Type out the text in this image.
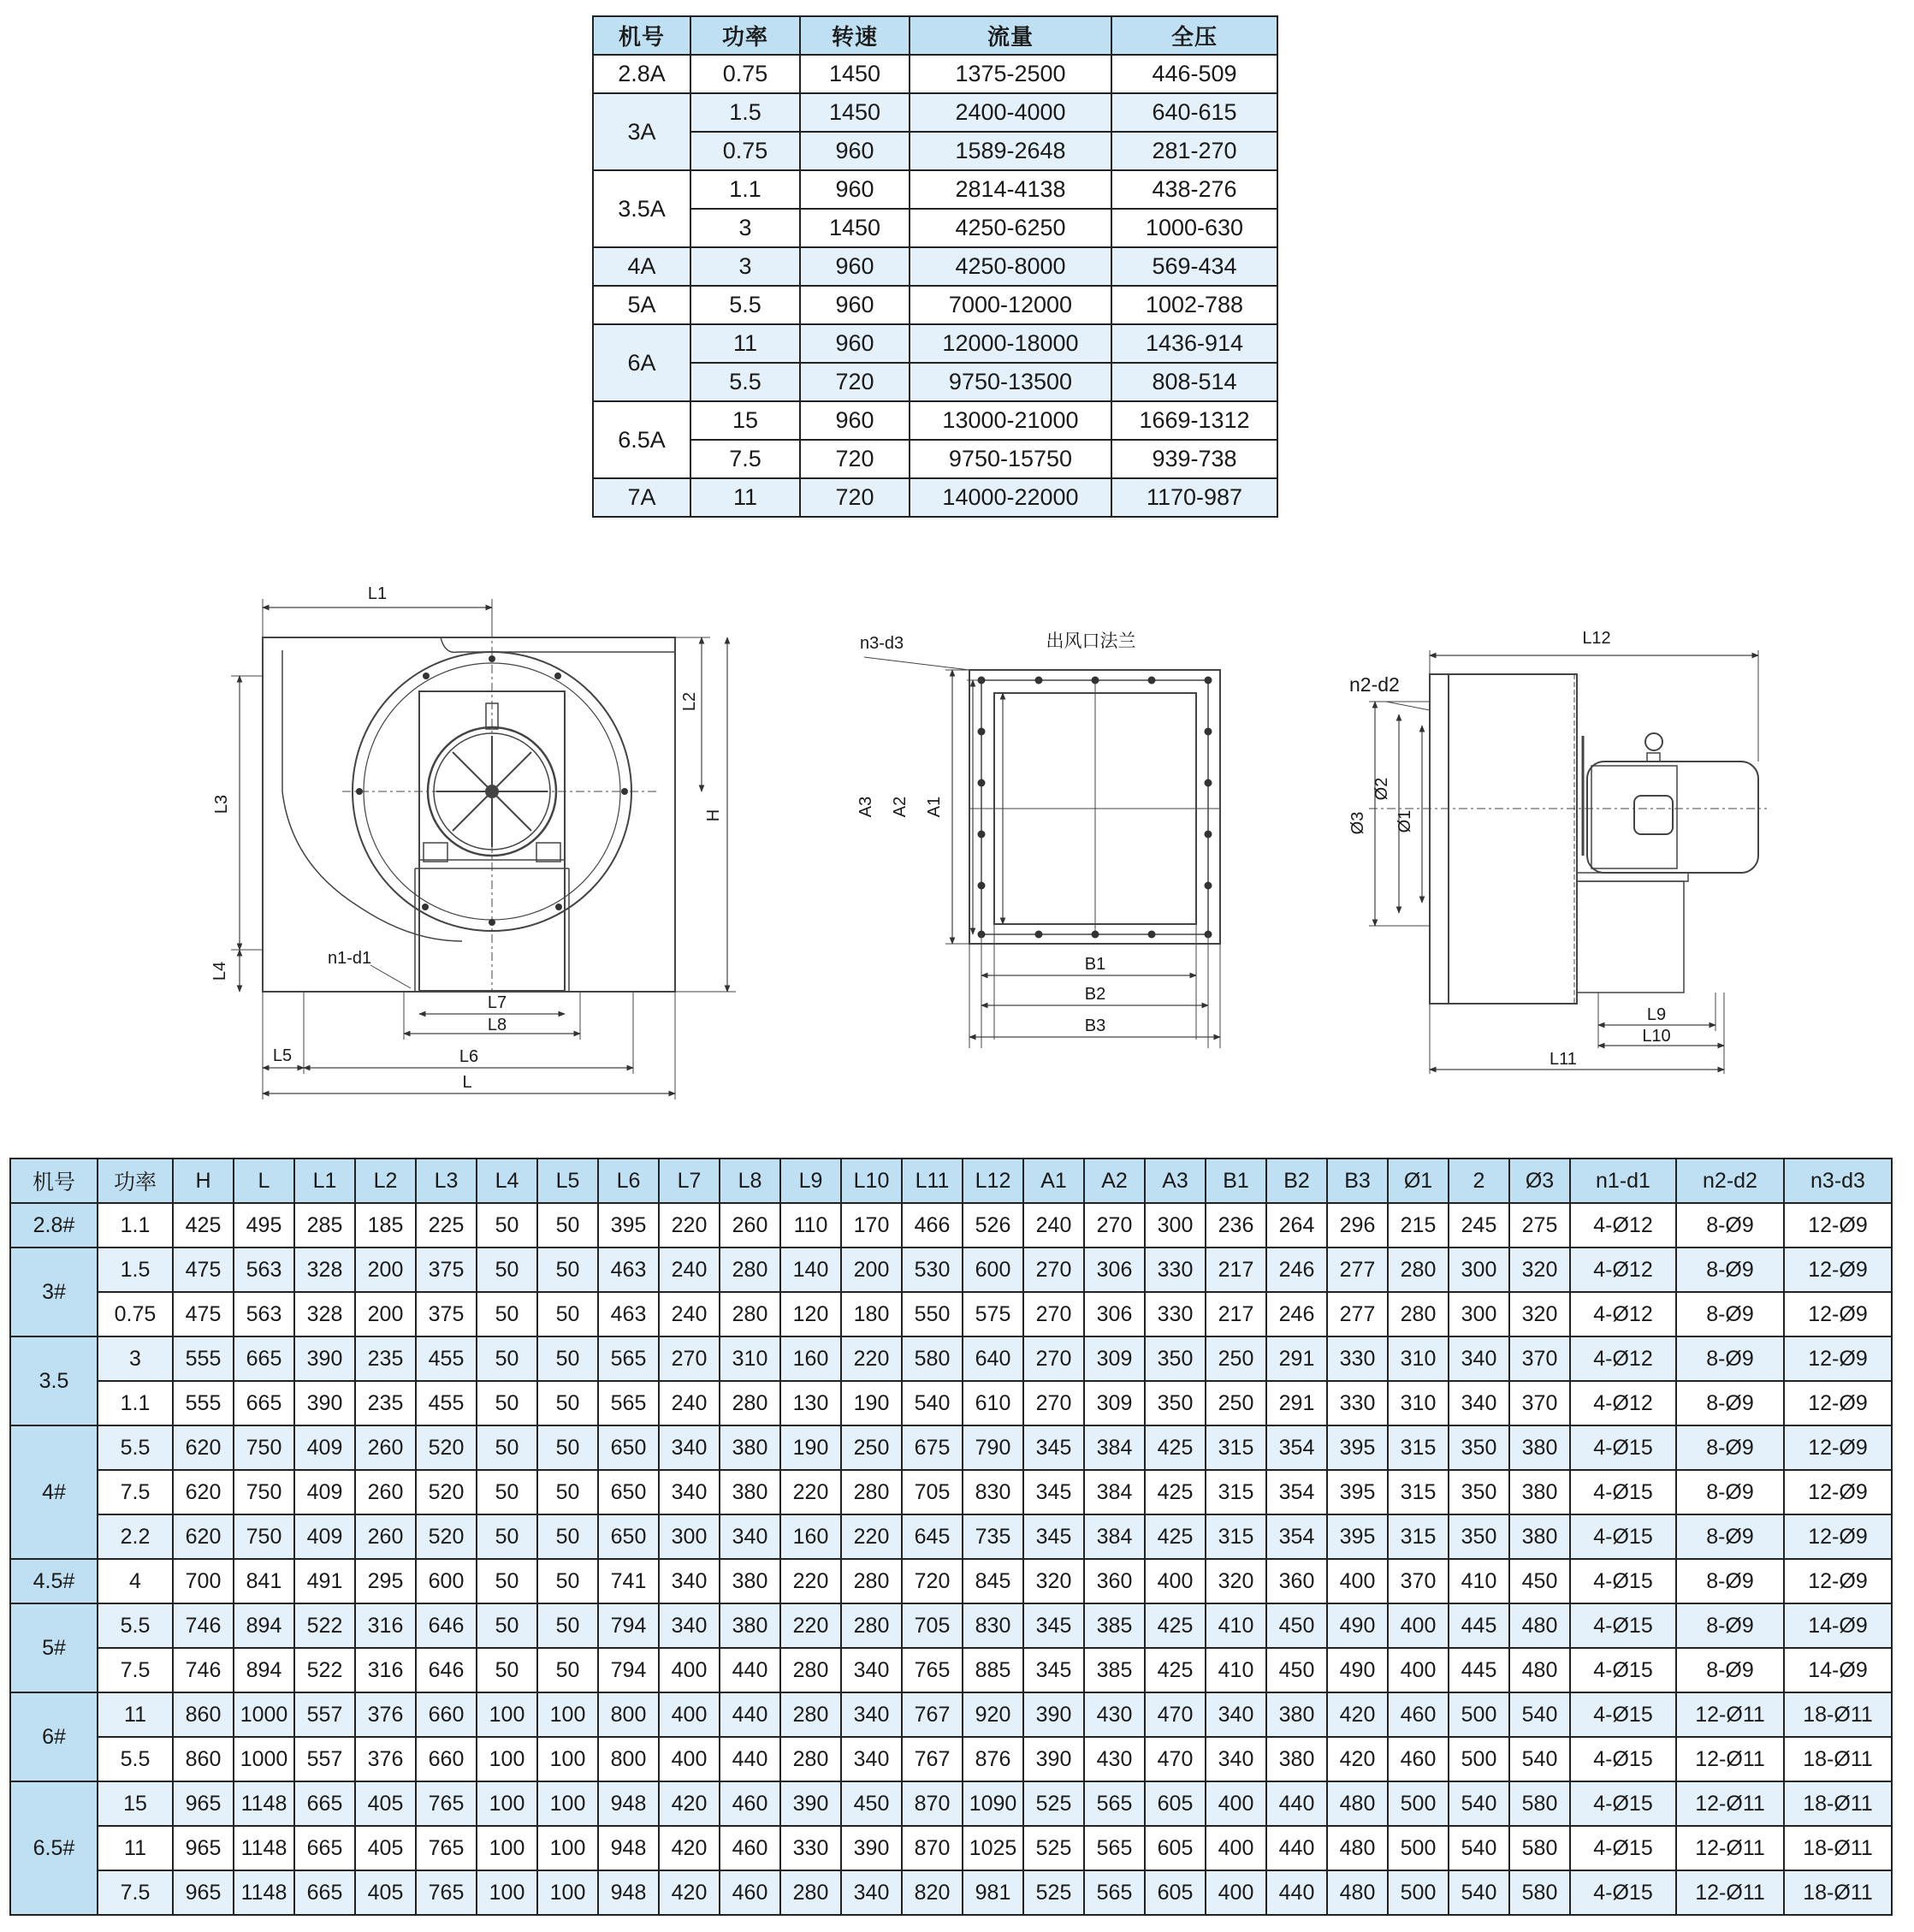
机号	功率	转速	流量	全压
2.8A	0.75	1450	1375-2500	446-509
3A	1.5	1450	2400-4000	640-615
	0.75	960	1589-2648	281-270
3.5A	1.1	960	2814-4138	438-276
	3	1450	4250-6250	1000-630
4A	3	960	4250-8000	569-434
5A	5.5	960	7000-12000	1002-788
6A	11	960	12000-18000	1436-914
	5.5	720	9750-13500	808-514
6.5A	15	960	13000-21000	1669-1312
	7.5	720	9750-15750	939-738
7A	11	720	14000-22000	1170-987
L1
L2
L3
H
L4
n1-d1
L7
L8
L5	L6
L
出风口法兰
n3-d3
A3 A2 A1
B1
B2
B3
L12
n2-d2
Ø3
Ø2
Ø1
L9
L10
L11
机号	功率	H	L	L1	L2	L3	L4	L5	L6	L7	L8	L9	L10	L11	L12	A1	A2	A3	B1	B2	B3	Ø1	2	Ø3	n1-d1	n2-d2	n3-d3
2.8#	1.1	425	495	285	185	225	50	50	395	220	260	110	170	466	526	240	270	300	236	264	296	215	245	275	4-Ø12	8-Ø9	12-Ø9
3#	1.5	475	563	328	200	375	50	50	463	240	280	140	200	530	600	270	306	330	217	246	277	280	300	320	4-Ø12	8-Ø9	12-Ø9
	0.75	475	563	328	200	375	50	50	463	240	280	120	180	550	575	270	306	330	217	246	277	280	300	320	4-Ø12	8-Ø9	12-Ø9
3.5	3	555	665	390	235	455	50	50	565	270	310	160	220	580	640	270	309	350	250	291	330	310	340	370	4-Ø12	8-Ø9	12-Ø9
	1.1	555	665	390	235	455	50	50	565	240	280	130	190	540	610	270	309	350	250	291	330	310	340	370	4-Ø12	8-Ø9	12-Ø9
4#	5.5	620	750	409	260	520	50	50	650	340	380	190	250	675	790	345	384	425	315	354	395	315	350	380	4-Ø15	8-Ø9	12-Ø9
	7.5	620	750	409	260	520	50	50	650	340	380	220	280	705	830	345	384	425	315	354	395	315	350	380	4-Ø15	8-Ø9	12-Ø9
	2.2	620	750	409	260	520	50	50	650	300	340	160	220	645	735	345	384	425	315	354	395	315	350	380	4-Ø15	8-Ø9	12-Ø9
4.5#	4	700	841	491	295	600	50	50	741	340	380	220	280	720	845	320	360	400	320	360	400	370	410	450	4-Ø15	8-Ø9	12-Ø9
5#	5.5	746	894	522	316	646	50	50	794	340	380	220	280	705	830	345	385	425	410	450	490	400	445	480	4-Ø15	8-Ø9	14-Ø9
	7.5	746	894	522	316	646	50	50	794	400	440	280	340	765	885	345	385	425	410	450	490	400	445	480	4-Ø15	8-Ø9	14-Ø9
6#	11	860	1000	557	376	660	100	100	800	400	440	280	340	767	920	390	430	470	340	380	420	460	500	540	4-Ø15	12-Ø11	18-Ø11
	5.5	860	1000	557	376	660	100	100	800	400	440	280	340	767	876	390	430	470	340	380	420	460	500	540	4-Ø15	12-Ø11	18-Ø11
6.5#	15	965	1148	665	405	765	100	100	948	420	460	390	450	870	1090	525	565	605	400	440	480	500	540	580	4-Ø15	12-Ø11	18-Ø11
	11	965	1148	665	405	765	100	100	948	420	460	330	390	870	1025	525	565	605	400	440	480	500	540	580	4-Ø15	12-Ø11	18-Ø11
	7.5	965	1148	665	405	765	100	100	948	420	460	280	340	820	981	525	565	605	400	440	480	500	540	580	4-Ø15	12-Ø11	18-Ø11
